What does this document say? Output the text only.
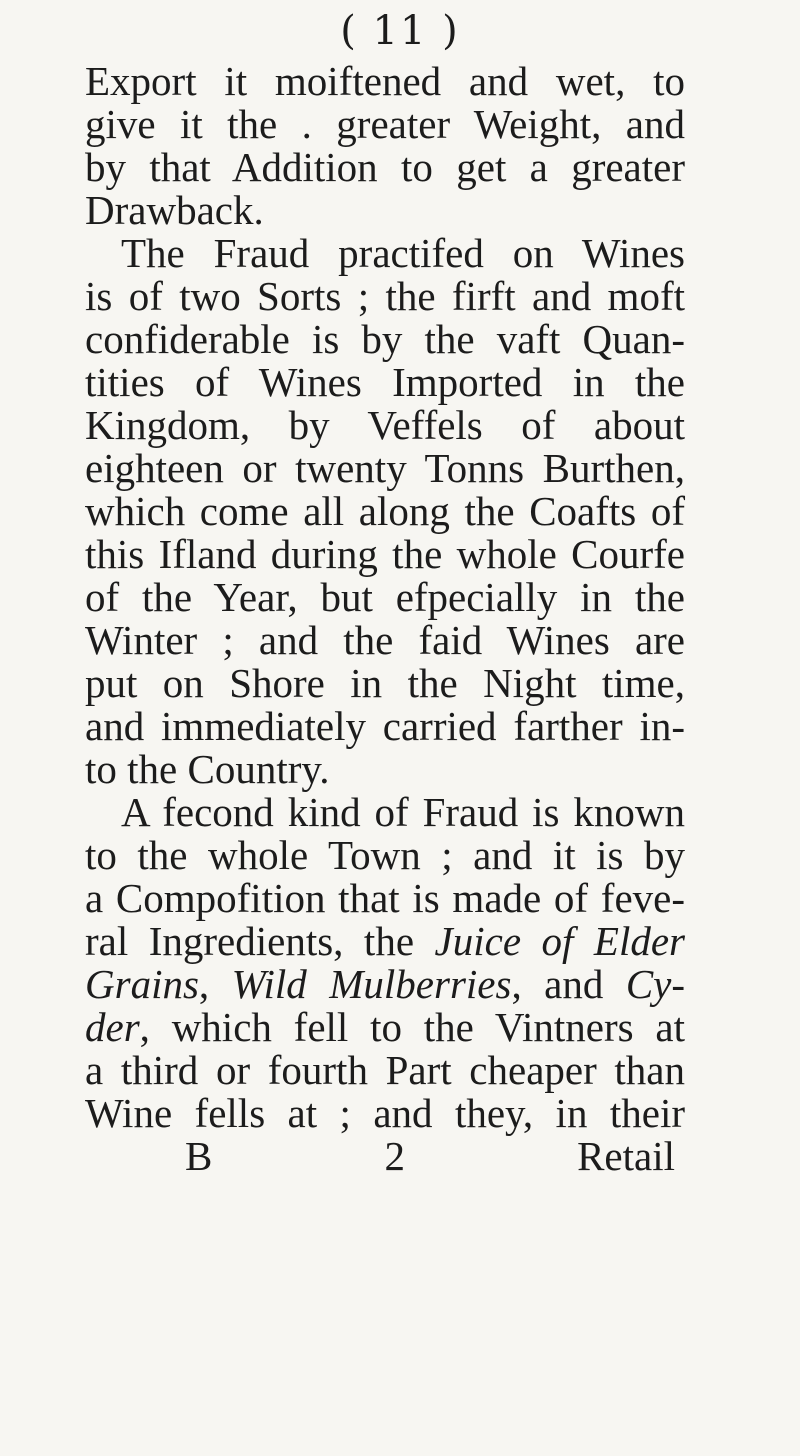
( 11 )
Export it moiftened and wet, to
give it the . greater Weight, and
by that Addition to get a greater
Drawback.
The Fraud practifed on Wines
is of two Sorts ; the firft and moft
confiderable is by the vaft Quan-
tities of Wines Imported in the
Kingdom, by Veffels of about
eighteen or twenty Tonns Burthen,
which come all along the Coafts of
this Ifland during the whole Courfe
of the Year, but efpecially in the
Winter ; and the faid Wines are
put on Shore in the Night time,
and immediately carried farther in-
to the Country.
A fecond kind of Fraud is known
to the whole Town ; and it is by
a Compofition that is made of feve-
ral Ingredients, the Juice of Elder
Grains, Wild Mulberries, and Cy-
der, which fell to the Vintners at
a third or fourth Part cheaper than
Wine fells at ; and they, in their
B 2	Retail
